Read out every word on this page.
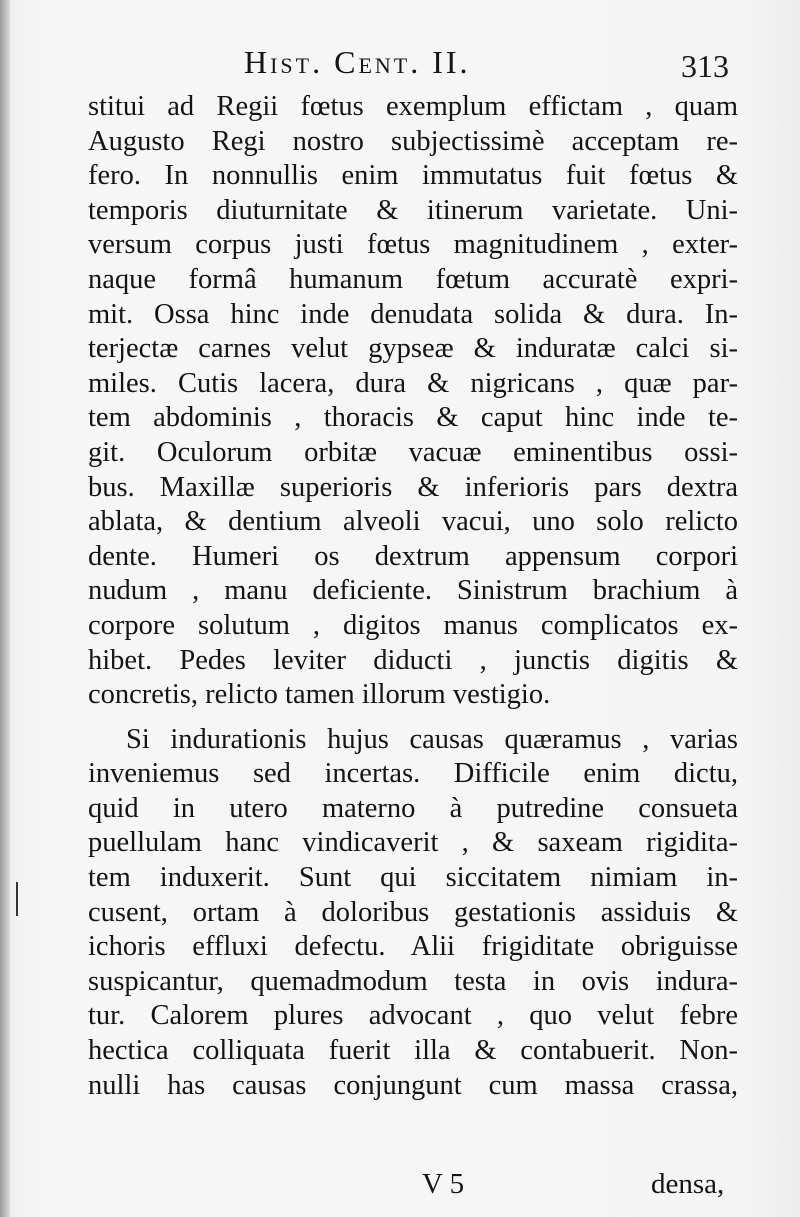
Hist. Cent. II.	313
stitui ad Regii fœtus exemplum effictam , quam
Augusto Regi nostro subjectissimè acceptam re-
fero. In nonnullis enim immutatus fuit fœtus &
temporis diuturnitate & itinerum varietate. Uni-
versum corpus justi fœtus magnitudinem , exter-
naque formâ humanum fœtum accuratè expri-
mit. Ossa hinc inde denudata solida & dura. In-
terjectæ carnes velut gypseæ & induratæ calci si-
miles. Cutis lacera, dura & nigricans , quæ par-
tem abdominis , thoracis & caput hinc inde te-
git. Oculorum orbitæ vacuæ eminentibus ossi-
bus. Maxillæ superioris & inferioris pars dextra
ablata, & dentium alveoli vacui, uno solo relicto
dente. Humeri os dextrum appensum corpori
nudum , manu deficiente. Sinistrum brachium à
corpore solutum , digitos manus complicatos ex-
hibet. Pedes leviter diducti , junctis digitis &
concretis, relicto tamen illorum vestigio.
Si indurationis hujus causas quæramus , varias
inveniemus sed incertas. Difficile enim dictu,
quid in utero materno à putredine consueta
puellulam hanc vindicaverit , & saxeam rigidita-
tem induxerit. Sunt qui siccitatem nimiam in-
cusent, ortam à doloribus gestationis assiduis &
ichoris effluxi defectu. Alii frigiditate obriguisse
suspicantur, quemadmodum testa in ovis indura-
tur. Calorem plures advocant , quo velut febre
hectica colliquata fuerit illa & contabuerit. Non-
nulli has causas conjungunt cum massa crassa,
V 5	densa,
